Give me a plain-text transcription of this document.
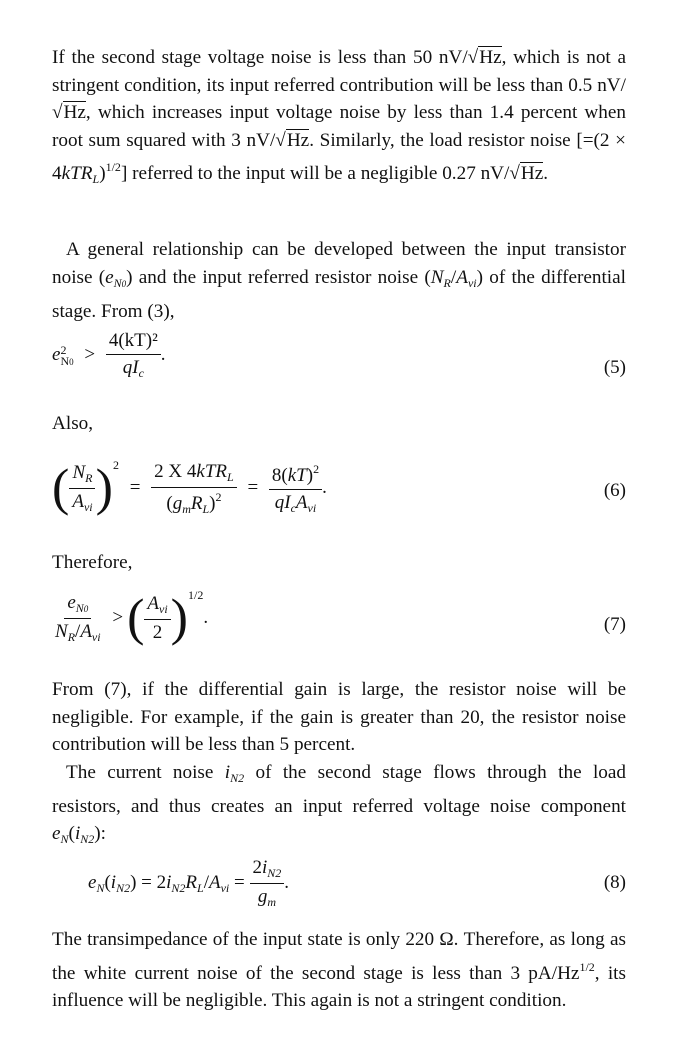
If the second stage voltage noise is less than 50 nV/√Hz, which is not a stringent condition, its input referred contribution will be less than 0.5 nV/√Hz, which increases input voltage noise by less than 1.4 percent when root sum squared with 3 nV/√Hz. Similarly, the load resistor noise $[=(2 \times 4kTR_L)^{1/2}]$ referred to the input will be a negligible 0.27 nV/√Hz.

A general relationship can be developed between the input transistor noise $(e_{N0})$ and the input referred resistor noise $(N_R/A_{vi})$ of the differential stage. From (3),

e2
$N0 > \frac{\text{4(kT)²}}{qI_c}$ .
(5)

Also,

( $\frac{N_R}{A_{vi}} )^2 = \frac{2 X 4kTR_L}{(g_mR_L)^2} = \frac{8(kT)^2}{qI_cA_{vi}}$ .	(6)

Therefore,

$\frac{e_{N0}}{N_R/A_{vi}}$ >( $\frac{A_{vi}}{2} )^{1/2}$.	(7)

From (7), if the differential gain is large, the resistor noise will be negligible. For example, if the gain is greater than 20, the resistor noise contribution will be less than 5 percent.

The current noise $i_{N2}$ of the second stage flows through the load resistors, and thus creates an input referred voltage noise component $e_N(i_{N2})$:

$e_N(i_{N2}) = 2i_{N2}R_L/A_{vi} = \frac{2i_{N2}}{g_m}$ .	(8)

The transimpedance of the input state is only 220 Ω. Therefore, as long as the white current noise of the second stage is less than 3 $pA/Hz^{1/2}$, its influence will be negligible. This again is not a stringent condition.
